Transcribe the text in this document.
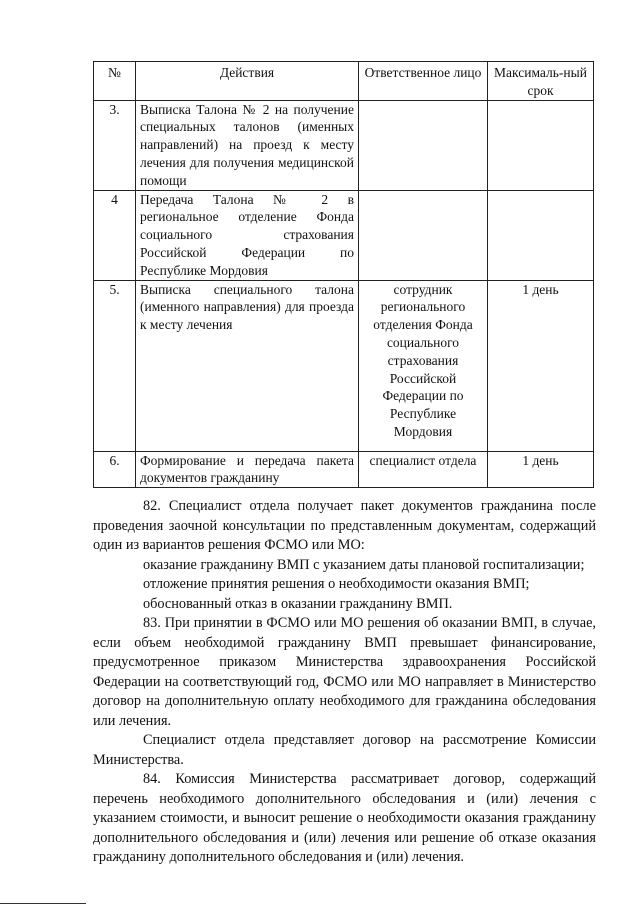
№	Действия	Ответственное лицо	Максималь-ный срок
3.	Выписка Талона № 2 на получение специальных талонов (именных направлений) на проезд к месту лечения для получения медицинской помощи		
4	Передача Талона № 2 в региональное отделение Фонда социального страхования Российской Федерации по Республике Мордовия		
5.	Выписка специального талона (именного направления) для проезда к месту лечения	сотрудник регионального отделения Фонда социального страхования Российской Федерации по Республике Мордовия	1 день
6.	Формирование и передача пакета документов гражданину	специалист отдела	1 день

82. Специалист отдела получает пакет документов гражданина после проведения заочной консультации по представленным документам, содержащий один из вариантов решения ФСМО или МО:

оказание гражданину ВМП с указанием даты плановой госпитализации;

отложение принятия решения о необходимости оказания ВМП;

обоснованный отказ в оказании гражданину ВМП.

83. При принятии в ФСМО или МО решения об оказании ВМП, в случае, если объем необходимой гражданину ВМП превышает финансирование, предусмотренное приказом Министерства здравоохранения Российской Федерации на соответствующий год, ФСМО или МО направляет в Министерство договор на дополнительную оплату необходимого для гражданина обследования или лечения.

Специалист отдела представляет договор на рассмотрение Комиссии Министерства.

84. Комиссия Министерства рассматривает договор, содержащий перечень необходимого дополнительного обследования и (или) лечения с указанием стоимости, и выносит решение о необходимости оказания гражданину дополнительного обследования и (или) лечения или решение об отказе оказания гражданину дополнительного обследования и (или) лечения.
